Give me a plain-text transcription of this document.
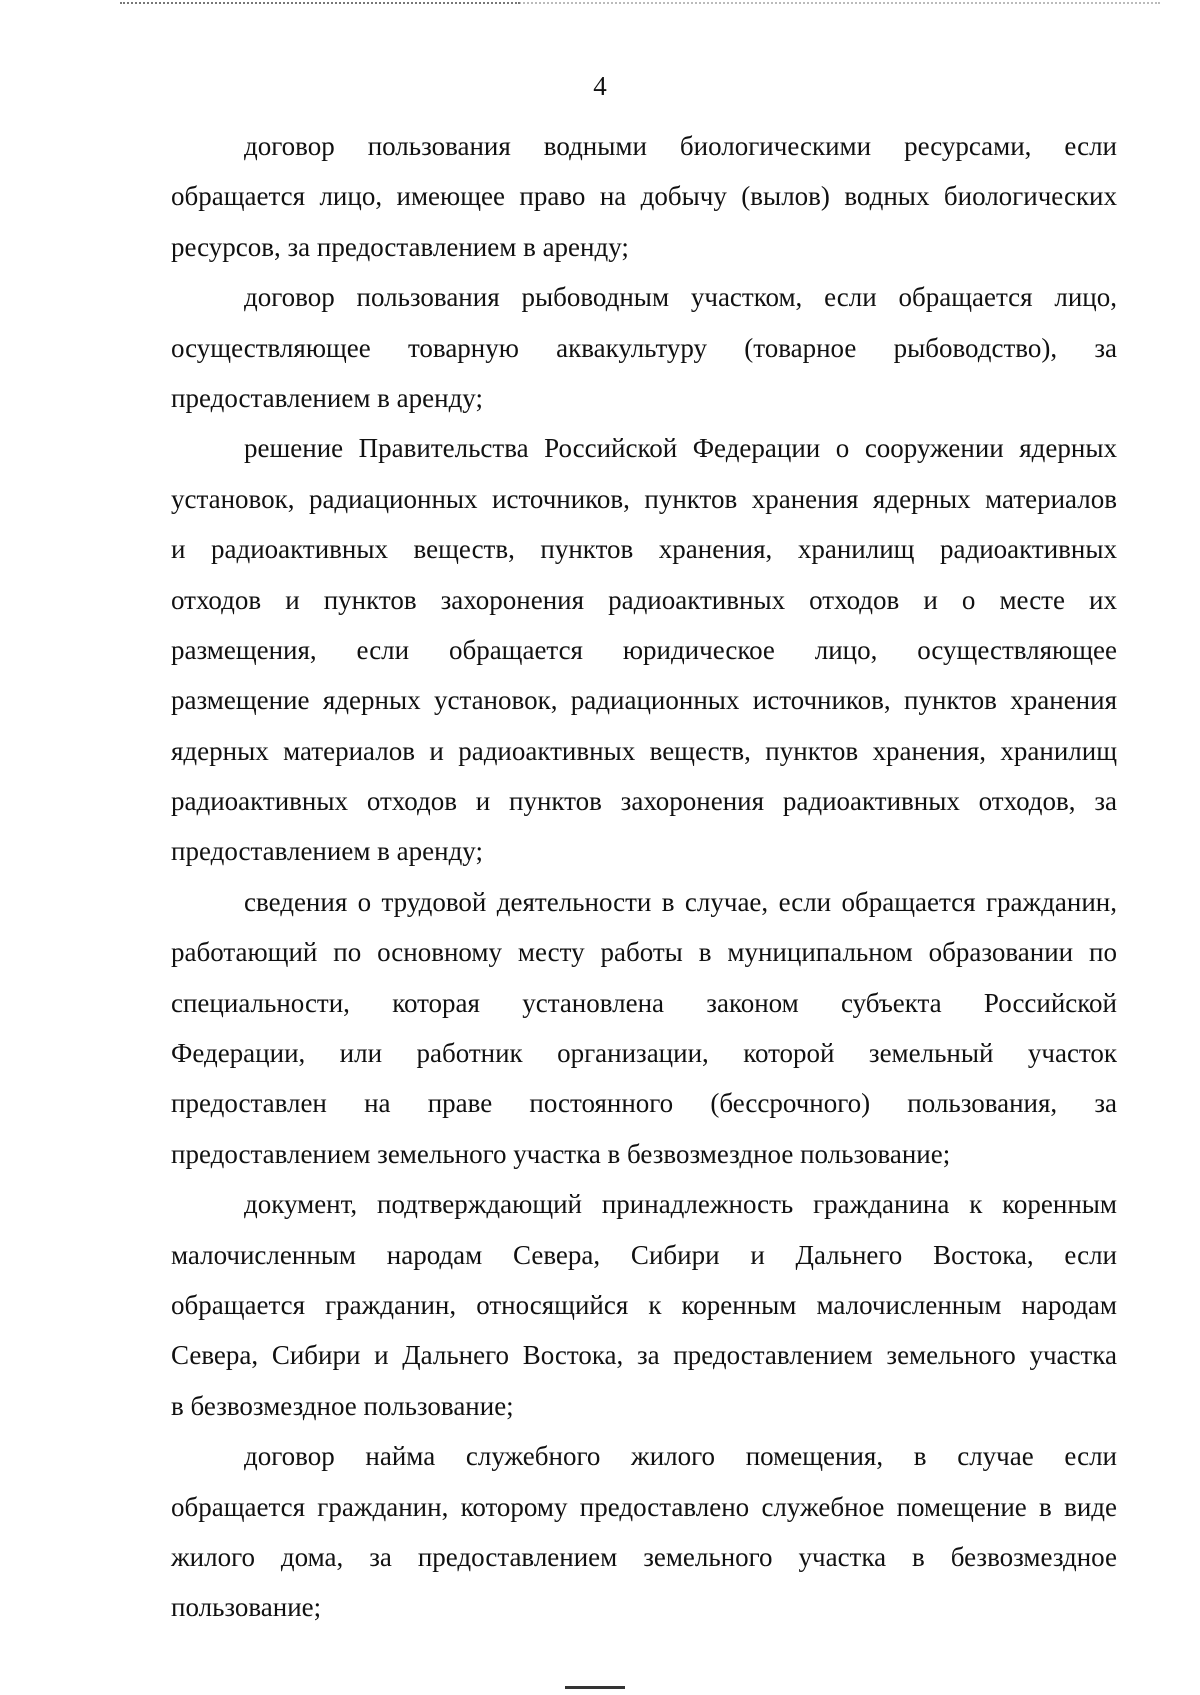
4
договор пользования водными биологическими ресурсами, если
обращается лицо, имеющее право на добычу (вылов) водных биологических
ресурсов, за предоставлением в аренду;
договор пользования рыбоводным участком, если обращается лицо,
осуществляющее товарную аквакультуру (товарное рыбоводство), за
предоставлением в аренду;
решение Правительства Российской Федерации о сооружении ядерных
установок, радиационных источников, пунктов хранения ядерных материалов
и радиоактивных веществ, пунктов хранения, хранилищ радиоактивных
отходов и пунктов захоронения радиоактивных отходов и о месте их
размещения, если обращается юридическое лицо, осуществляющее
размещение ядерных установок, радиационных источников, пунктов хранения
ядерных материалов и радиоактивных веществ, пунктов хранения, хранилищ
радиоактивных отходов и пунктов захоронения радиоактивных отходов, за
предоставлением в аренду;
сведения о трудовой деятельности в случае, если обращается гражданин,
работающий по основному месту работы в муниципальном образовании по
специальности, которая установлена законом субъекта Российской
Федерации, или работник организации, которой земельный участок
предоставлен на праве постоянного (бессрочного) пользования, за
предоставлением земельного участка в безвозмездное пользование;
документ, подтверждающий принадлежность гражданина к коренным
малочисленным народам Севера, Сибири и Дальнего Востока, если
обращается гражданин, относящийся к коренным малочисленным народам
Севера, Сибири и Дальнего Востока, за предоставлением земельного участка
в безвозмездное пользование;
договор найма служебного жилого помещения, в случае если
обращается гражданин, которому предоставлено служебное помещение в виде
жилого дома, за предоставлением земельного участка в безвозмездное
пользование;
